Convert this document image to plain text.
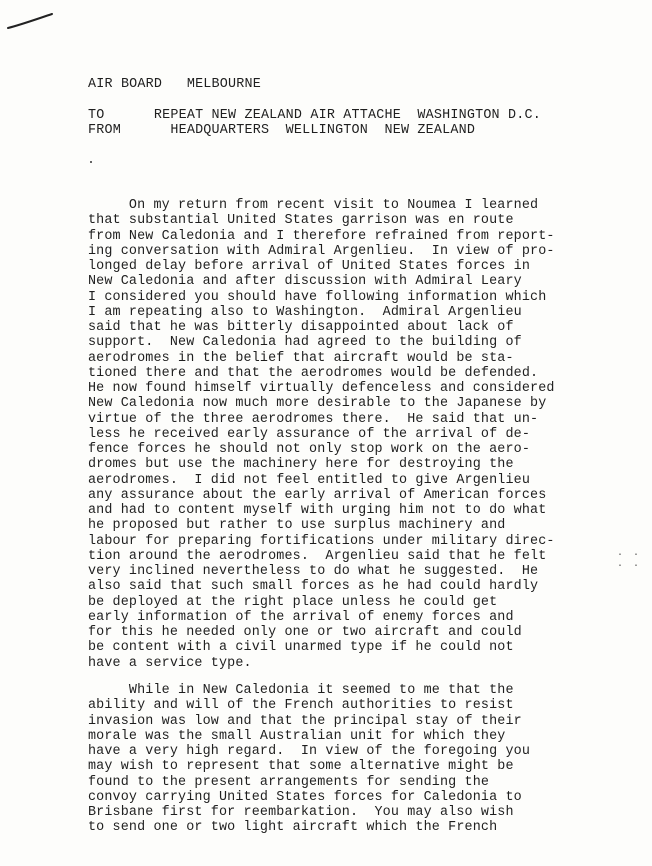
AIR BOARD   MELBOURNE
TO      REPEAT NEW ZEALAND AIR ATTACHE  WASHINGTON D.C.
FROM      HEADQUARTERS  WELLINGTON  NEW ZEALAND
On my return from recent visit to Noumea I learned
that substantial United States garrison was en route
from New Caledonia and I therefore refrained from report-
ing conversation with Admiral Argenlieu.  In view of pro-
longed delay before arrival of United States forces in
New Caledonia and after discussion with Admiral Leary
I considered you should have following information which
I am repeating also to Washington.  Admiral Argenlieu
said that he was bitterly disappointed about lack of
support.  New Caledonia had agreed to the building of
aerodromes in the belief that aircraft would be sta-
tioned there and that the aerodromes would be defended.
He now found himself virtually defenceless and considered
New Caledonia now much more desirable to the Japanese by
virtue of the three aerodromes there.  He said that un-
less he received early assurance of the arrival of de-
fence forces he should not only stop work on the aero-
dromes but use the machinery here for destroying the
aerodromes.  I did not feel entitled to give Argenlieu
any assurance about the early arrival of American forces
and had to content myself with urging him not to do what
he proposed but rather to use surplus machinery and
labour for preparing fortifications under military direc-
tion around the aerodromes.  Argenlieu said that he felt
very inclined nevertheless to do what he suggested.  He
also said that such small forces as he had could hardly
be deployed at the right place unless he could get
early information of the arrival of enemy forces and
for this he needed only one or two aircraft and could
be content with a civil unarmed type if he could not
have a service type.
. . . .
While in New Caledonia it seemed to me that the
ability and will of the French authorities to resist
invasion was low and that the principal stay of their
morale was the small Australian unit for which they
have a very high regard.  In view of the foregoing you
may wish to represent that some alternative might be
found to the present arrangements for sending the
convoy carrying United States forces for Caledonia to
Brisbane first for reembarkation.  You may also wish
to send one or two light aircraft which the French
